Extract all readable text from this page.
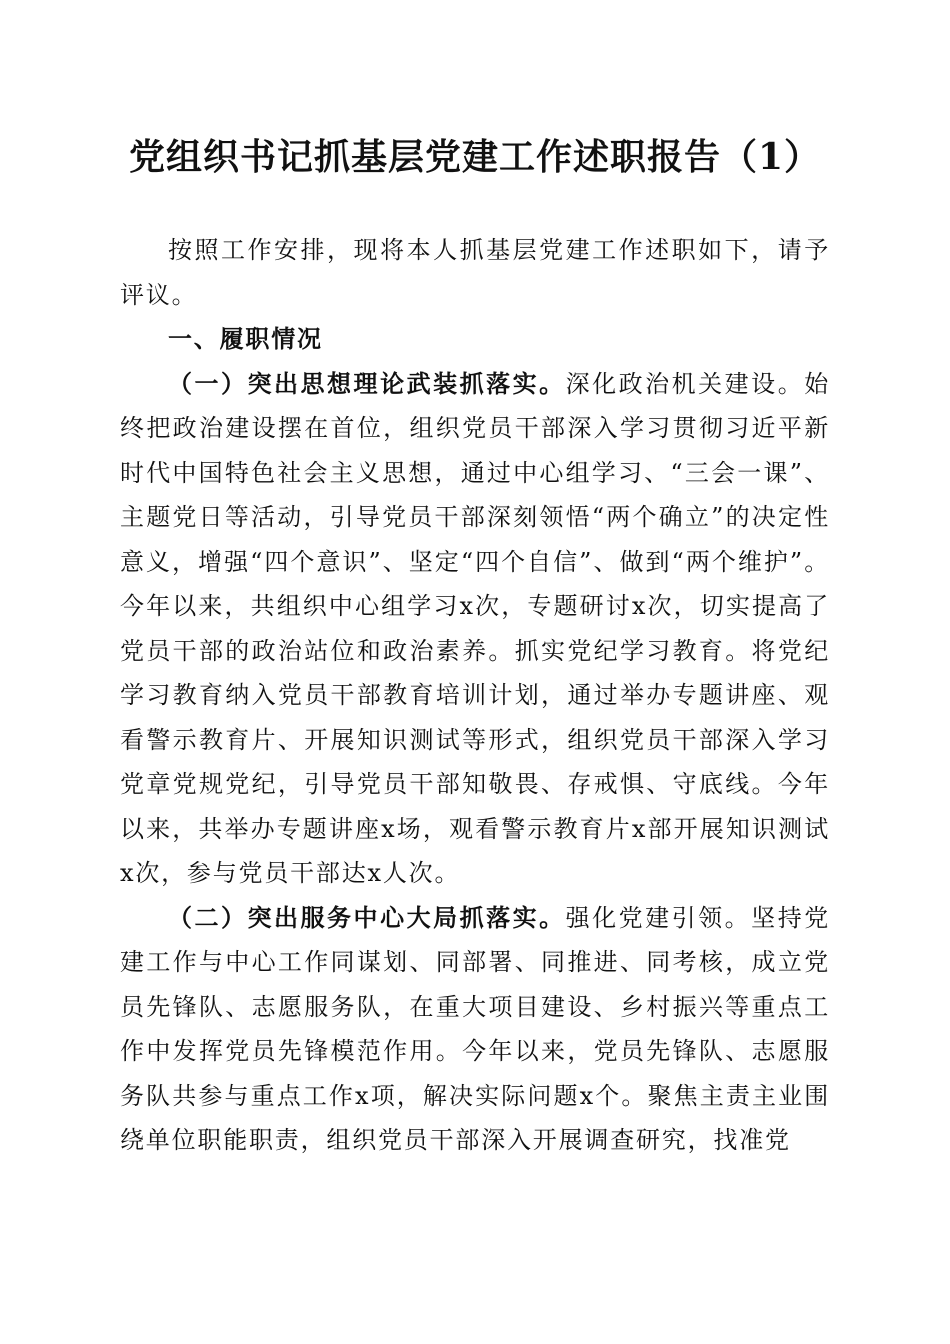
党组织书记抓基层党建工作述职报告（1）

按照工作安排，现将本人抓基层党建工作述职如下，请予评议。

一、履职情况

（一）突出思想理论武装抓落实。深化政治机关建设。始终把政治建设摆在首位，组织党员干部深入学习贯彻习近平新时代中国特色社会主义思想，通过中心组学习、“三会一课”、主题党日等活动，引导党员干部深刻领悟“两个确立”的决定性意义，增强“四个意识”、坚定“四个自信”、做到“两个维护”。今年以来，共组织中心组学习x次，专题研讨x次，切实提高了党员干部的政治站位和政治素养。抓实党纪学习教育。将党纪学习教育纳入党员干部教育培训计划，通过举办专题讲座、观看警示教育片、开展知识测试等形式，组织党员干部深入学习党章党规党纪，引导党员干部知敬畏、存戒惧、守底线。今年以来，共举办专题讲座x场，观看警示教育片x部开展知识测试x次，参与党员干部达x人次。

（二）突出服务中心大局抓落实。强化党建引领。坚持党建工作与中心工作同谋划、同部署、同推进、同考核，成立党员先锋队、志愿服务队，在重大项目建设、乡村振兴等重点工作中发挥党员先锋模范作用。今年以来，党员先锋队、志愿服务队共参与重点工作x项，解决实际问题x个。聚焦主责主业围绕单位职能职责，组织党员干部深入开展调查研究，找准党
